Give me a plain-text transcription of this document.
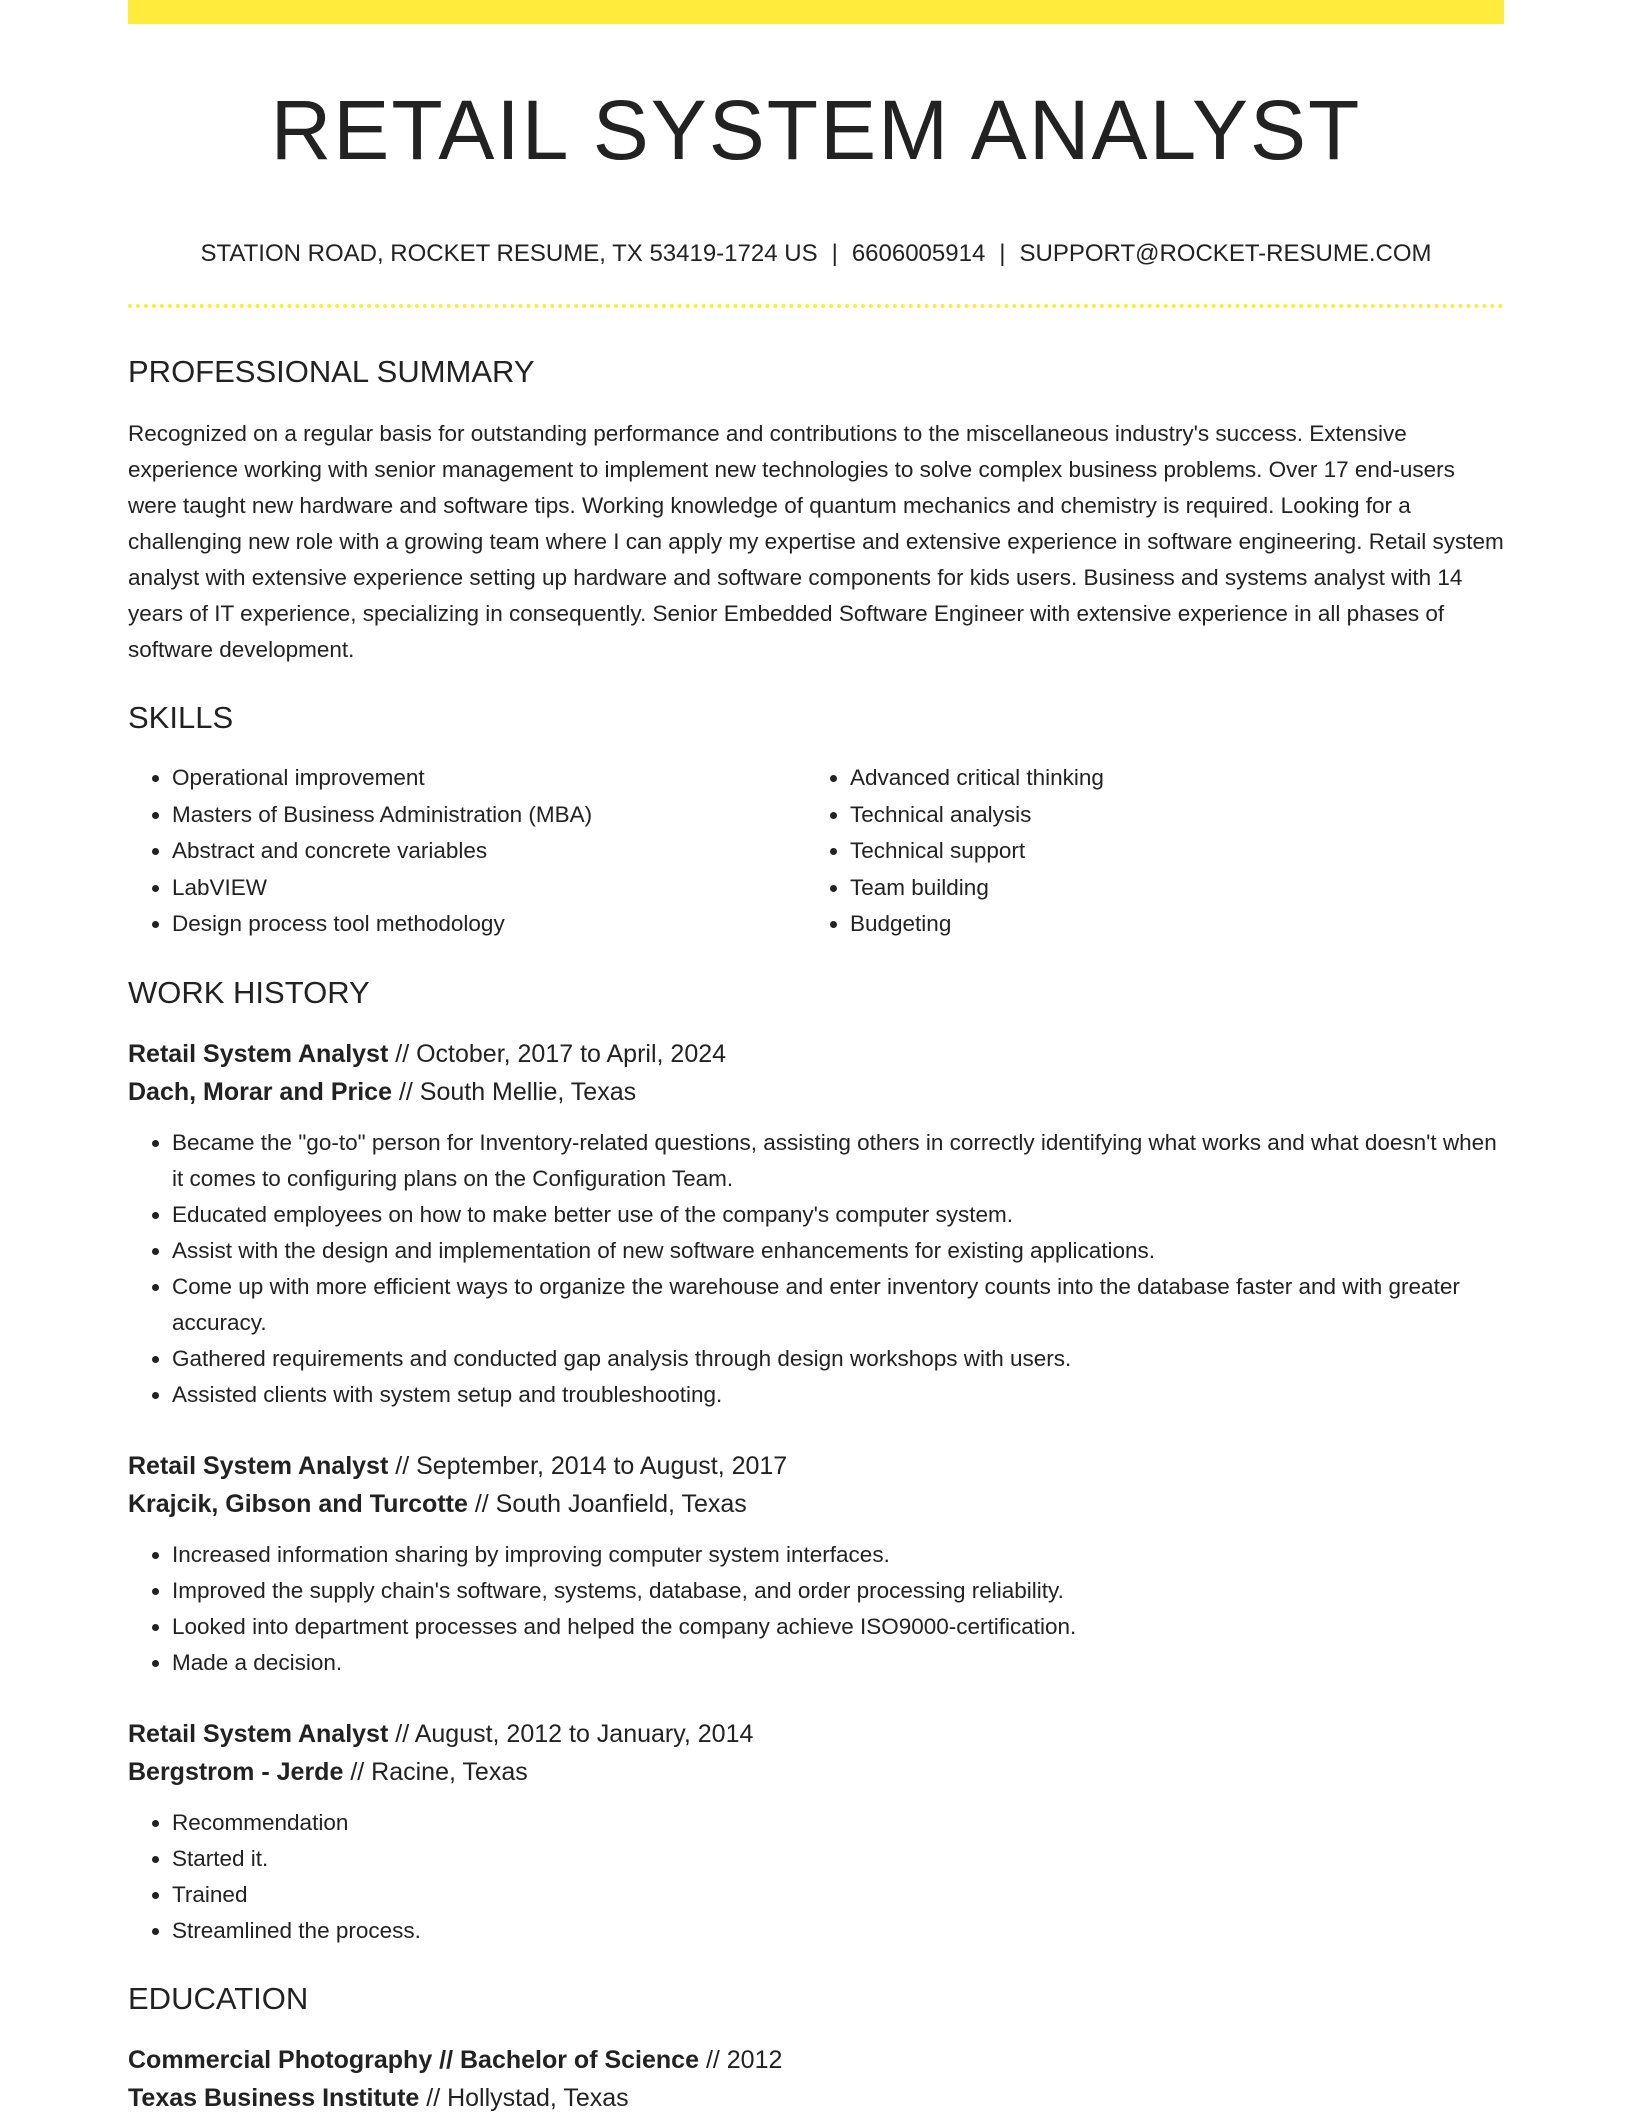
RETAIL SYSTEM ANALYST
STATION ROAD, ROCKET RESUME, TX 53419-1724 US | 6606005914 | SUPPORT@ROCKET-RESUME.COM
PROFESSIONAL SUMMARY

Recognized on a regular basis for outstanding performance and contributions to the miscellaneous industry's success. Extensive experience working with senior management to implement new technologies to solve complex business problems. Over 17 end-users were taught new hardware and software tips. Working knowledge of quantum mechanics and chemistry is required. Looking for a challenging new role with a growing team where I can apply my expertise and extensive experience in software engineering. Retail system analyst with extensive experience setting up hardware and software components for kids users. Business and systems analyst with 14 years of IT experience, specializing in consequently. Senior Embedded Software Engineer with extensive experience in all phases of software development.

SKILLS
• Operational improvement
• Masters of Business Administration (MBA)
• Abstract and concrete variables
• LabVIEW
• Design process tool methodology
• Advanced critical thinking
• Technical analysis
• Technical support
• Team building
• Budgeting
WORK HISTORY
Retail System Analyst // October, 2017 to April, 2024
Dach, Morar and Price // South Mellie, Texas
• Became the "go-to" person for Inventory-related questions, assisting others in correctly identifying what works and what doesn't when it comes to configuring plans on the Configuration Team.
• Educated employees on how to make better use of the company's computer system.
• Assist with the design and implementation of new software enhancements for existing applications.
• Come up with more efficient ways to organize the warehouse and enter inventory counts into the database faster and with greater accuracy.
• Gathered requirements and conducted gap analysis through design workshops with users.
• Assisted clients with system setup and troubleshooting.
Retail System Analyst // September, 2014 to August, 2017
Krajcik, Gibson and Turcotte // South Joanfield, Texas
• Increased information sharing by improving computer system interfaces.
• Improved the supply chain's software, systems, database, and order processing reliability.
• Looked into department processes and helped the company achieve ISO9000-certification.
• Made a decision.
Retail System Analyst // August, 2012 to January, 2014
Bergstrom - Jerde // Racine, Texas
• Recommendation
• Started it.
• Trained
• Streamlined the process.
EDUCATION
Commercial Photography // Bachelor of Science // 2012
Texas Business Institute // Hollystad, Texas
